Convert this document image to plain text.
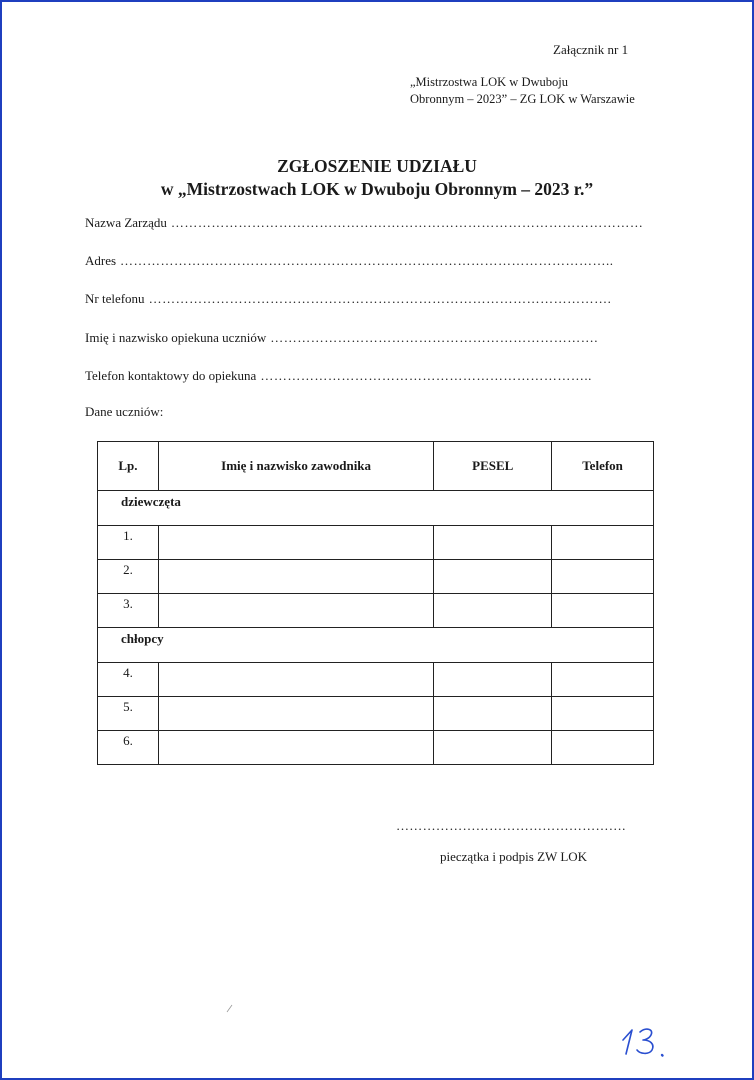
Załącznik nr 1
„Mistrzostwa LOK w Dwuboju
Obronnym – 2023” – ZG LOK w Warszawie
ZGŁOSZENIE UDZIAŁU
w „Mistrzostwach LOK w Dwuboju Obronnym – 2023 r.”
Nazwa Zarządu ……………………………………………………………………………………………
Adres ………………………………………………………………………………………………..
Nr telefonu ………………………………………………………………………………………….
Imię i nazwisko opiekuna uczniów ……………………………………………………………….
Telefon kontaktowy do opiekuna ………………………………………………………………..
Dane uczniów:
Lp.	Imię i nazwisko zawodnika	PESEL	Telefon
dziewczęta			
1.			
2.			
3.			
chłopcy			
4.			
5.			
6.			
…………………………………………….
pieczątka i podpis ZW LOK
